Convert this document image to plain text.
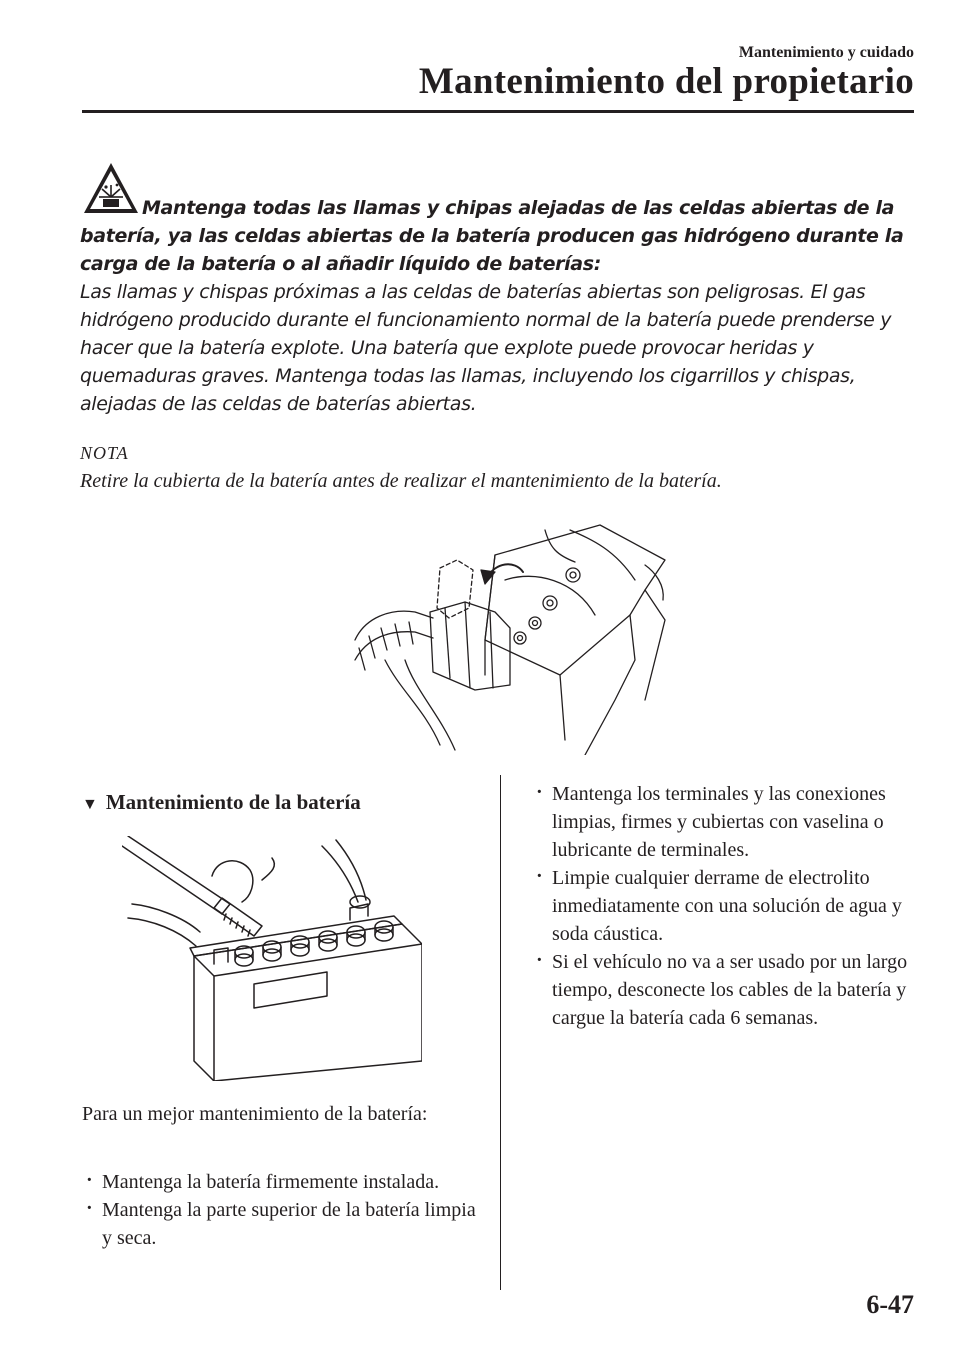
Mantenimiento y cuidado
Mantenimiento del propietario

Mantenga todas las llamas y chipas alejadas de las celdas abiertas de la batería, ya las celdas abiertas de la batería producen gas hidrógeno durante la carga de la batería o al añadir líquido de baterías:

Las llamas y chispas próximas a las celdas de baterías abiertas son peligrosas. El gas hidrógeno producido durante el funcionamiento normal de la batería puede prenderse y hacer que la batería explote. Una batería que explote puede provocar heridas y quemaduras graves. Mantenga todas las llamas, incluyendo los cigarrillos y chispas, alejadas de las celdas de baterías abiertas.

NOTA

Retire la cubierta de la batería antes de realizar el mantenimiento de la batería.

▼ Mantenimiento de la batería

Para un mejor mantenimiento de la batería:

· Mantenga la batería firmemente instalada.
· Mantenga la parte superior de la batería limpia y seca.
· Mantenga los terminales y las conexiones limpias, firmes y cubiertas con vaselina o lubricante de terminales.
· Limpie cualquier derrame de electrolito inmediatamente con una solución de agua y soda cáustica.
· Si el vehículo no va a ser usado por un largo tiempo, desconecte los cables de la batería y cargue la batería cada 6 semanas.
6-47
